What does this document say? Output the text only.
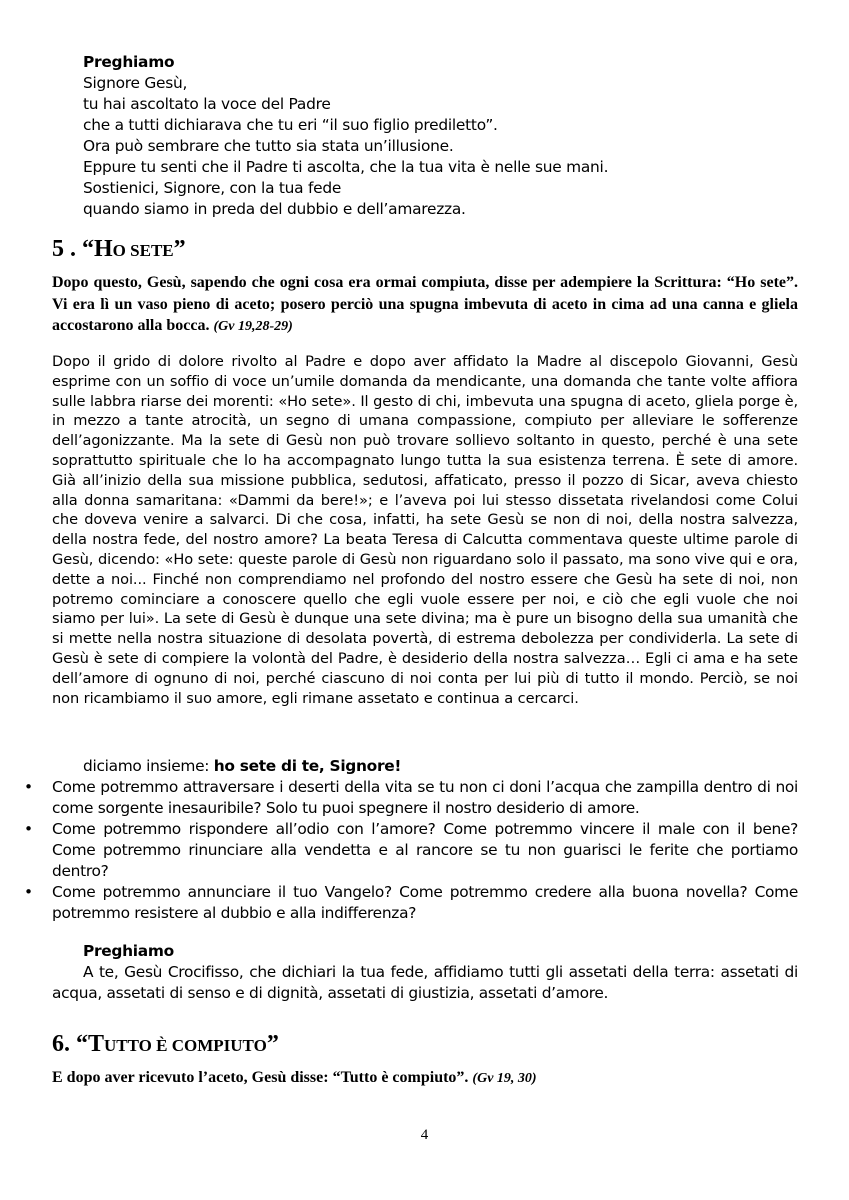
Preghiamo
Signore Gesù,
tu hai ascoltato la voce del Padre
che a tutti dichiarava che tu eri “il suo figlio prediletto”.
Ora può sembrare che tutto sia stata un’illusione.
Eppure tu senti che il Padre ti ascolta, che la tua vita è nelle sue mani.
Sostienici, Signore, con la tua fede
quando siamo in preda del dubbio e dell’amarezza.
5 . “HO SETE”
Dopo questo, Gesù, sapendo che ogni cosa era ormai compiuta, disse per adempiere la Scrittura: “Ho sete”. Vi era lì un vaso pieno di aceto; posero perciò una spugna imbevuta di aceto in cima ad una canna e gliela accostarono alla bocca. (Gv 19,28-29)
Dopo il grido di dolore rivolto al Padre e dopo aver affidato la Madre al discepolo Giovanni, Gesù esprime con un soffio di voce un’umile domanda da mendicante, una domanda che tante volte affiora sulle labbra riarse dei morenti: «Ho sete». Il gesto di chi, imbevuta una spugna di aceto, gliela porge è, in mezzo a tante atrocità, un segno di umana compassione, compiuto per alleviare le sofferenze dell’agonizzante. Ma la sete di Gesù non può trovare sollievo soltanto in questo, perché è una sete soprattutto spirituale che lo ha accompagnato lungo tutta la sua esistenza terrena. È sete di amore. Già all’inizio della sua missione pubblica, sedutosi, affaticato, presso il pozzo di Sicar, aveva chiesto alla donna samaritana: «Dammi da bere!»; e l’aveva poi lui stesso dissetata rivelandosi come Colui che doveva venire a salvarci. Di che cosa, infatti, ha sete Gesù se non di noi, della nostra salvezza, della nostra fede, del nostro amore? La beata Teresa di Calcutta commentava queste ultime parole di Gesù, dicendo: «Ho sete: queste parole di Gesù non riguardano solo il passato, ma sono vive qui e ora, dette a noi... Finché non comprendiamo nel profondo del nostro essere che Gesù ha sete di noi, non potremo cominciare a conoscere quello che egli vuole essere per noi, e ciò che egli vuole che noi siamo per lui». La sete di Gesù è dunque una sete divina; ma è pure un bisogno della sua umanità che si mette nella nostra situazione di desolata povertà, di estrema debolezza per condividerla. La sete di Gesù è sete di compiere la volontà del Padre, è desiderio della nostra salvezza… Egli ci ama e ha sete dell’amore di ognuno di noi, perché ciascuno di noi conta per lui più di tutto il mondo. Perciò, se noi non ricambiamo il suo amore, egli rimane assetato e continua a cercarci.
diciamo insieme: ho sete di te, Signore!
• Come potremmo attraversare i deserti della vita se tu non ci doni l’acqua che zampilla dentro di noi come sorgente inesauribile? Solo tu puoi spegnere il nostro desiderio di amore.
• Come potremmo rispondere all’odio con l’amore? Come potremmo vincere il male con il bene? Come potremmo rinunciare alla vendetta e al rancore se tu non guarisci le ferite che portiamo dentro?
• Come potremmo annunciare il tuo Vangelo? Come potremmo credere alla buona novella? Come potremmo resistere al dubbio e alla indifferenza?
Preghiamo
A te, Gesù Crocifisso, che dichiari la tua fede, affidiamo tutti gli assetati della terra: assetati di acqua, assetati di senso e di dignità, assetati di giustizia, assetati d’amore.
6. “TUTTO È COMPIUTO”
E dopo aver ricevuto l’aceto, Gesù disse: “Tutto è compiuto”. (Gv 19, 30)
4
